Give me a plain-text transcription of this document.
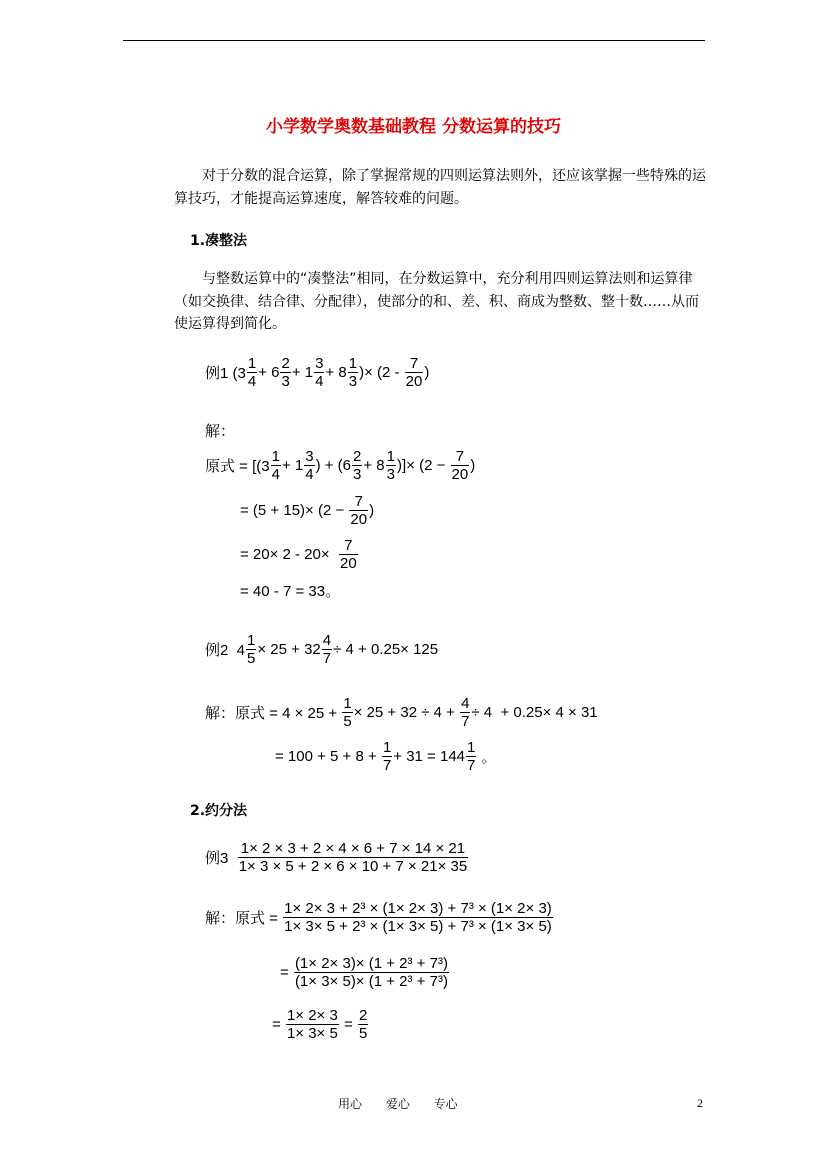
小学数学奥数基础教程 分数运算的技巧
对于分数的混合运算，除了掌握常规的四则运算法则外，还应该掌握一些特殊的运算技巧，才能提高运算速度，解答较难的问题。
1.凑整法
与整数运算中的“凑整法”相同，在分数运算中，充分利用四则运算法则和运算律（如交换律、结合律、分配律），使部分的和、差、积、商成为整数、整十数……从而使运算得到简化。
例1 ($3 \frac{1}{4} + 6 \frac{2}{3} + 1 \frac{3}{4} + 8 \frac{1}{3}$ )× ($2 - \frac{7}{20}$ )
解：
原式 = [($3 \frac{1}{4} + 1 \frac{3}{4}$ ) + ($6 \frac{2}{3} + 8 \frac{1}{3}$ )]× ($2 - \frac{7}{20}$ )
= $(5 + 15)\times (2 - \frac{7}{20}$ )
= $20\times 2 - 20\times \frac{7}{20}$
= 40 - 7 = 33。
例2  $4 \frac{1}{5} \times 25 + 32 \frac{4}{7} \div 4 + 0.25\times 125$
解：原式 = $4 \times 25 + \frac{1}{5} \times 25 + 32 \div 4 + \frac{4}{7} \div 4 + 0.25\times 4 \times 31$
= $100 + 5 + 8 + \frac{1}{7} + 31 = 144 \frac{1}{7}$ 。
2.约分法
例$3 \frac{1\times 2 \times 3 + 2 \times 4 \times 6 + 7 \times 14 \times 21}{1\times 3 \times 5 + 2 \times 6 \times 10 + 7 \times 21\times 35}$
解：原式 = $\frac{\text{1× 2× 3 + 2³ × (1× 2× 3) + 7³ × (1× 2× 3)}}{\text{1× 3× 5 + 2³ × (1× 3× 5) + 7³ × (1× 3× 5)}}$
= $\frac{\text{(1× 2× 3)× (1 + 2³ + 7³)}}{\text{(1× 3× 5)× (1 + 2³ + 7³)}}$
= $\frac{1\times 2\times 3}{1\times 3\times 5} = \frac{2}{5}$
用心 爱心 专心	2
